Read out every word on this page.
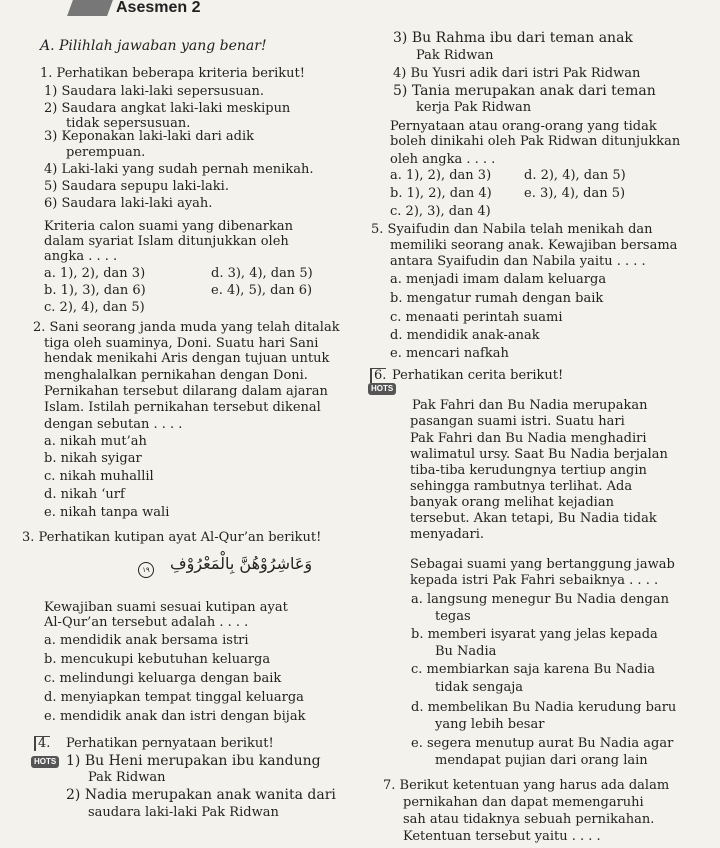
Asesmen 2
A. Pilihlah jawaban yang benar!
1. Perhatikan beberapa kriteria berikut!
1) Saudara laki-laki sepersusuan.
2) Saudara angkat laki-laki meskipun
tidak sepersusuan.
3) Keponakan laki-laki dari adik
perempuan.
4) Laki-laki yang sudah pernah menikah.
5) Saudara sepupu laki-laki.
6) Saudara laki-laki ayah.
Kriteria calon suami yang dibenarkan
dalam syariat Islam ditunjukkan oleh
angka . . . .
a. 1), 2), dan 3)	d. 3), 4), dan 5)
b. 1), 3), dan 6)	e. 4), 5), dan 6)
c. 2), 4), dan 5)
2. Sani seorang janda muda yang telah ditalak
tiga oleh suaminya, Doni. Suatu hari Sani
hendak menikahi Aris dengan tujuan untuk
menghalalkan pernikahan dengan Doni.
Pernikahan tersebut dilarang dalam ajaran
Islam. Istilah pernikahan tersebut dikenal
dengan sebutan . . . .
a. nikah mut’ah
b. nikah syigar
c. nikah muhallil
d. nikah ‘urf
e. nikah tanpa wali
3. Perhatikan kutipan ayat Al-Qur’an berikut!
١٩ وَعَاشِرُوْهُنَّ بِالْمَعْرُوْفِ
Kewajiban suami sesuai kutipan ayat
Al-Qur’an tersebut adalah . . . .
a. mendidik anak bersama istri
b. mencukupi kebutuhan keluarga
c. melindungi keluarga dengan baik
d. menyiapkan tempat tinggal keluarga
e. mendidik anak dan istri dengan bijak
4.
HOTS
Perhatikan pernyataan berikut!
1) Bu Heni merupakan ibu kandung
Pak Ridwan
2) Nadia merupakan anak wanita dari
saudara laki-laki Pak Ridwan
3) Bu Rahma ibu dari teman anak
Pak Ridwan
4) Bu Yusri adik dari istri Pak Ridwan
5) Tania merupakan anak dari teman
kerja Pak Ridwan
Pernyataan atau orang-orang yang tidak
boleh dinikahi oleh Pak Ridwan ditunjukkan
oleh angka . . . .
a. 1), 2), dan 3)	d. 2), 4), dan 5)
b. 1), 2), dan 4) e. 3), 4), dan 5)
c. 2), 3), dan 4)
5. Syaifudin dan Nabila telah menikah dan
memiliki seorang anak. Kewajiban bersama
antara Syaifudin dan Nabila yaitu . . . .
a. menjadi imam dalam keluarga
b. mengatur rumah dengan baik
c. menaati perintah suami
d. mendidik anak-anak
e. mencari nafkah
6.
HOTS
Perhatikan cerita berikut!
Pak Fahri dan Bu Nadia merupakan
pasangan suami istri. Suatu hari
Pak Fahri dan Bu Nadia menghadiri
walimatul ursy. Saat Bu Nadia berjalan
tiba-tiba kerudungnya tertiup angin
sehingga rambutnya terlihat. Ada
banyak orang melihat kejadian
tersebut. Akan tetapi, Bu Nadia tidak
menyadari.
Sebagai suami yang bertanggung jawab
kepada istri Pak Fahri sebaiknya . . . .
a. langsung menegur Bu Nadia dengan
tegas
b. memberi isyarat yang jelas kepada
Bu Nadia
c. membiarkan saja karena Bu Nadia
tidak sengaja
d. membelikan Bu Nadia kerudung baru
yang lebih besar
e. segera menutup aurat Bu Nadia agar
mendapat pujian dari orang lain
7. Berikut ketentuan yang harus ada dalam
pernikahan dan dapat memengaruhi
sah atau tidaknya sebuah pernikahan.
Ketentuan tersebut yaitu . . . .
